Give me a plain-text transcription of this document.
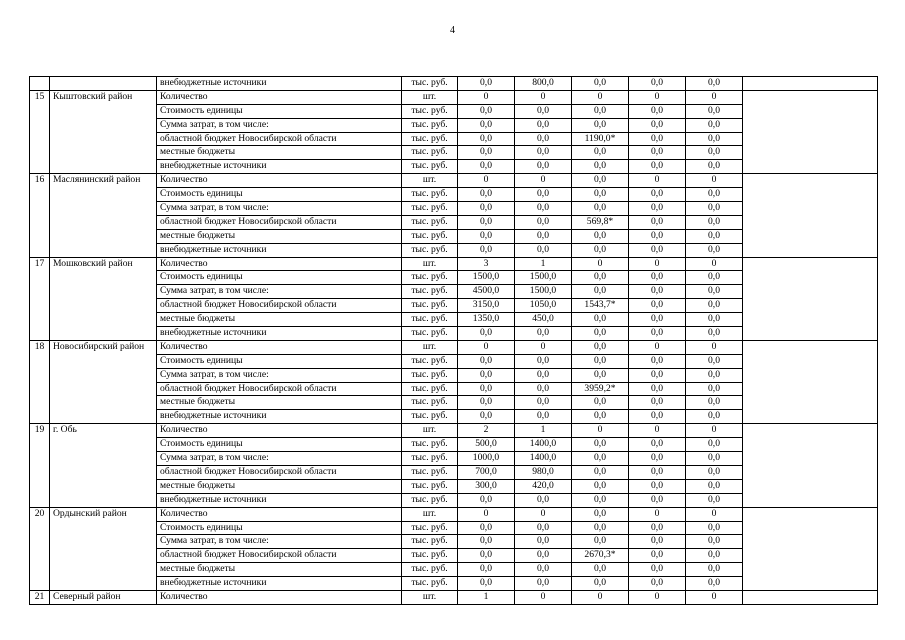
4
		внебюджетные источники	тыс. руб.	0,0	800,0	0,0	0,0	0,0	
15	Кыштовский район	Количество	шт.	0	0	0	0	0	
		Стоимость единицы	тыс. руб.	0,0	0,0	0,0	0,0	0,0	
		Сумма затрат, в том числе:	тыс. руб.	0,0	0,0	0,0	0,0	0,0	
		областной бюджет Новосибирской области	тыс. руб.	0,0	0,0	1190,0*	0,0	0,0	
		местные бюджеты	тыс. руб.	0,0	0,0	0,0	0,0	0,0	
		внебюджетные источники	тыс. руб.	0,0	0,0	0,0	0,0	0,0	
16	Маслянинский район	Количество	шт.	0	0	0,0	0	0	
		Стоимость единицы	тыс. руб.	0,0	0,0	0,0	0,0	0,0	
		Сумма затрат, в том числе:	тыс. руб.	0,0	0,0	0,0	0,0	0,0	
		областной бюджет Новосибирской области	тыс. руб.	0,0	0,0	569,8*	0,0	0,0	
		местные бюджеты	тыс. руб.	0,0	0,0	0,0	0,0	0,0	
		внебюджетные источники	тыс. руб.	0,0	0,0	0,0	0,0	0,0	
17	Мошковский район	Количество	шт.	3	1	0	0	0	
		Стоимость единицы	тыс. руб.	1500,0	1500,0	0,0	0,0	0,0	
		Сумма затрат, в том числе:	тыс. руб.	4500,0	1500,0	0,0	0,0	0,0	
		областной бюджет Новосибирской области	тыс. руб.	3150,0	1050,0	1543,7*	0,0	0,0	
		местные бюджеты	тыс. руб.	1350,0	450,0	0,0	0,0	0,0	
		внебюджетные источники	тыс. руб.	0,0	0,0	0,0	0,0	0,0	
18	Новосибирский район	Количество	шт.	0	0	0,0	0	0	
		Стоимость единицы	тыс. руб.	0,0	0,0	0,0	0,0	0,0	
		Сумма затрат, в том числе:	тыс. руб.	0,0	0,0	0,0	0,0	0,0	
		областной бюджет Новосибирской области	тыс. руб.	0,0	0,0	3959,2*	0,0	0,0	
		местные бюджеты	тыс. руб.	0,0	0,0	0,0	0,0	0,0	
		внебюджетные источники	тыс. руб.	0,0	0,0	0,0	0,0	0,0	
19	г. Обь	Количество	шт.	2	1	0	0	0	
		Стоимость единицы	тыс. руб.	500,0	1400,0	0,0	0,0	0,0	
		Сумма затрат, в том числе:	тыс. руб.	1000,0	1400,0	0,0	0,0	0,0	
		областной бюджет Новосибирской области	тыс. руб.	700,0	980,0	0,0	0,0	0,0	
		местные бюджеты	тыс. руб.	300,0	420,0	0,0	0,0	0,0	
		внебюджетные источники	тыс. руб.	0,0	0,0	0,0	0,0	0,0	
20	Ордынский район	Количество	шт.	0	0	0,0	0	0	
		Стоимость единицы	тыс. руб.	0,0	0,0	0,0	0,0	0,0	
		Сумма затрат, в том числе:	тыс. руб.	0,0	0,0	0,0	0,0	0,0	
		областной бюджет Новосибирской области	тыс. руб.	0,0	0,0	2670,3*	0,0	0,0	
		местные бюджеты	тыс. руб.	0,0	0,0	0,0	0,0	0,0	
		внебюджетные источники	тыс. руб.	0,0	0,0	0,0	0,0	0,0	
21	Северный район	Количество	шт.	1	0	0	0	0	
